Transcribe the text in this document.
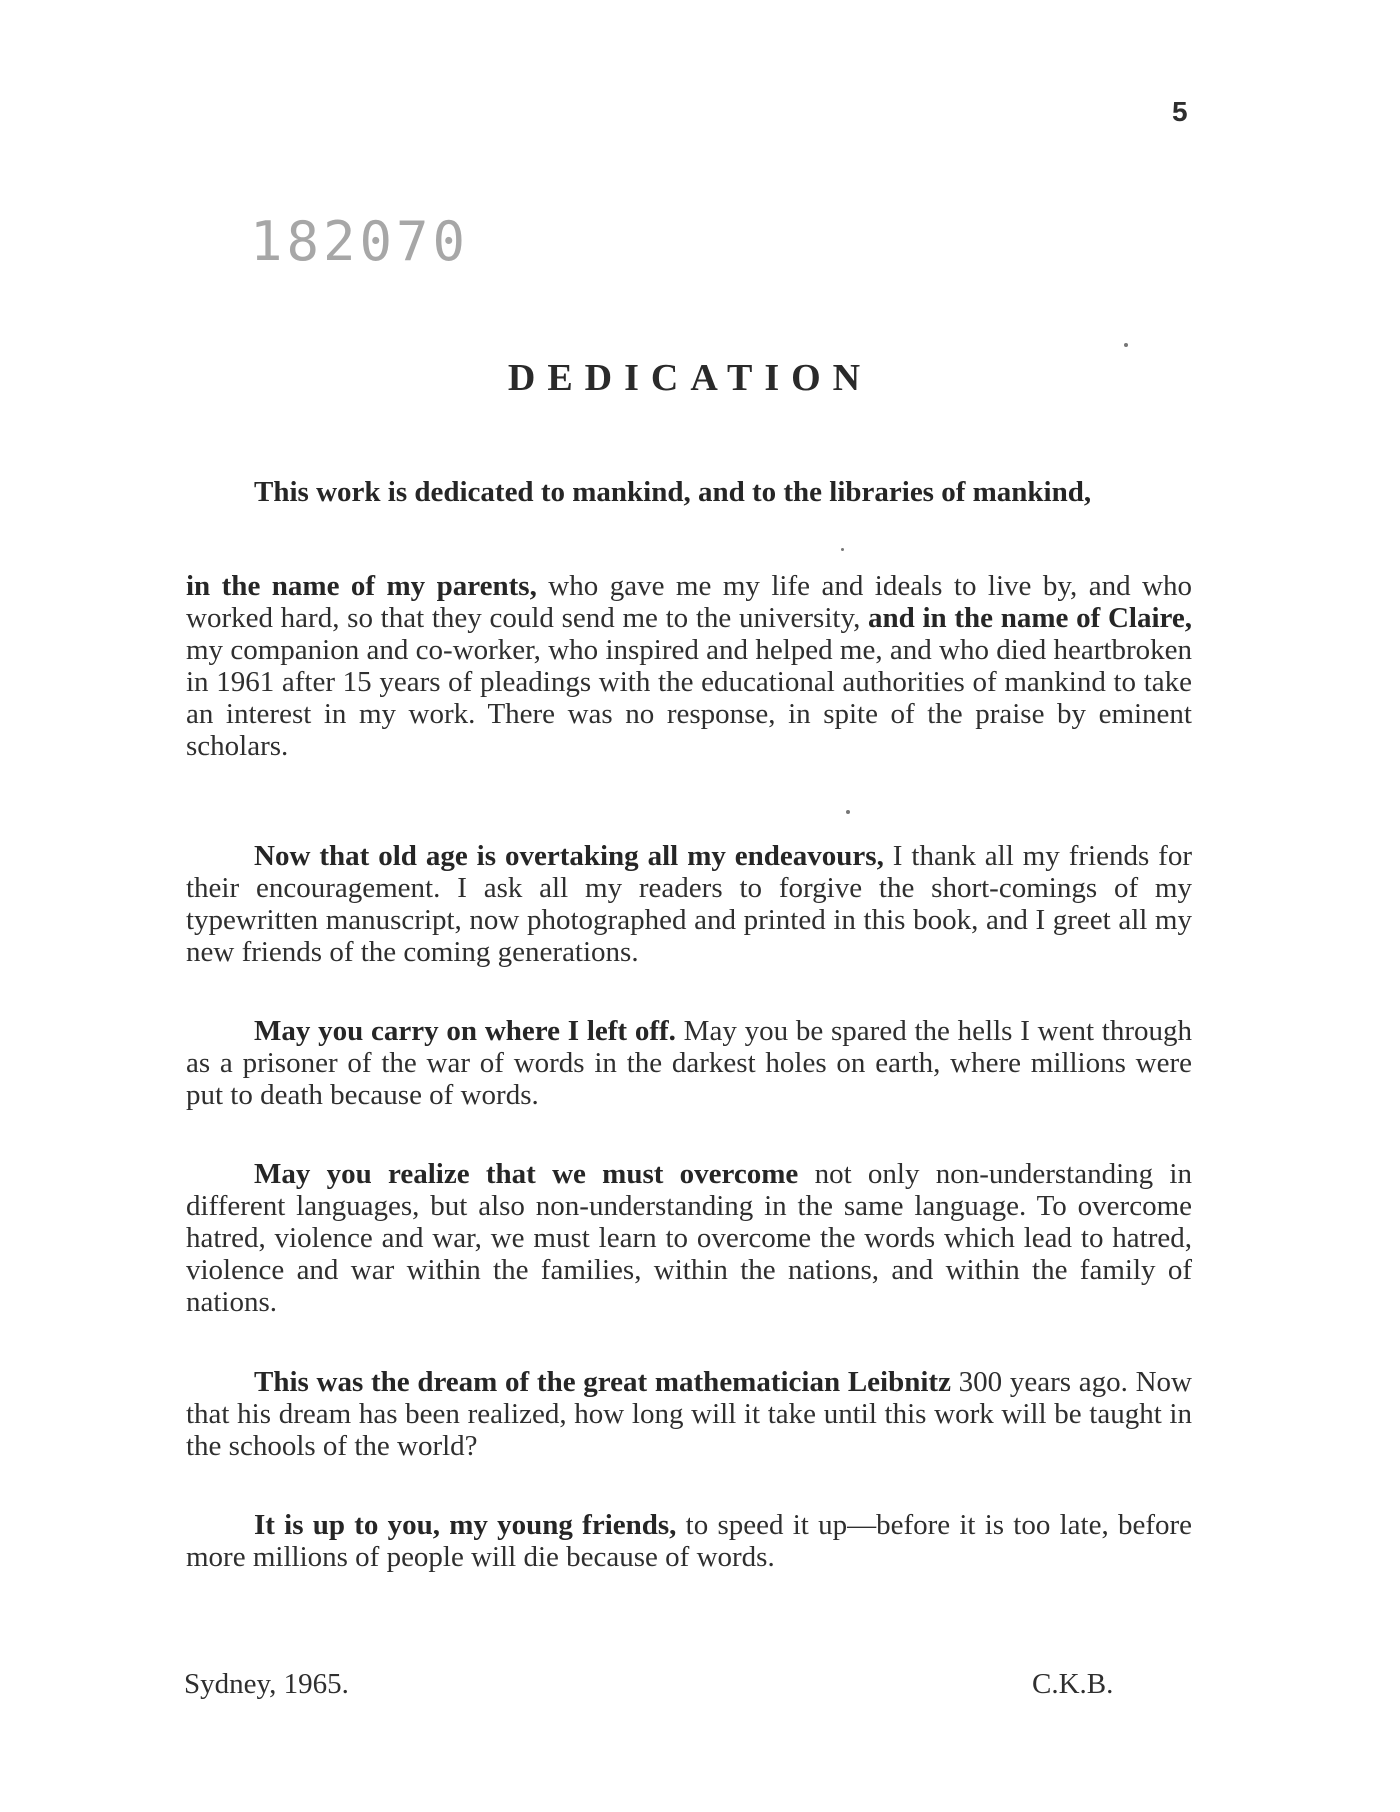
5
182070
DEDICATION

This work is dedicated to mankind, and to the libraries of mankind,

in the name of my parents, who gave me my life and ideals to live by, and who worked hard, so that they could send me to the university, and in the name of Claire, my companion and co-worker, who inspired and helped me, and who died heartbroken in 1961 after 15 years of pleadings with the educational authorities of mankind to take an interest in my work. There was no response, in spite of the praise by eminent scholars.

Now that old age is overtaking all my endeavours, I thank all my friends for their encouragement. I ask all my readers to forgive the short-comings of my typewritten manuscript, now photographed and printed in this book, and I greet all my new friends of the coming generations.

May you carry on where I left off. May you be spared the hells I went through as a prisoner of the war of words in the darkest holes on earth, where millions were put to death because of words.

May you realize that we must overcome not only non-understanding in different languages, but also non-understanding in the same language. To overcome hatred, violence and war, we must learn to overcome the words which lead to hatred, violence and war within the families, within the nations, and within the family of nations.

This was the dream of the great mathematician Leibnitz 300 years ago. Now that his dream has been realized, how long will it take until this work will be taught in the schools of the world?

It is up to you, my young friends, to speed it up—before it is too late, before more millions of people will die because of words.

Sydney, 1965.	C.K.B.
